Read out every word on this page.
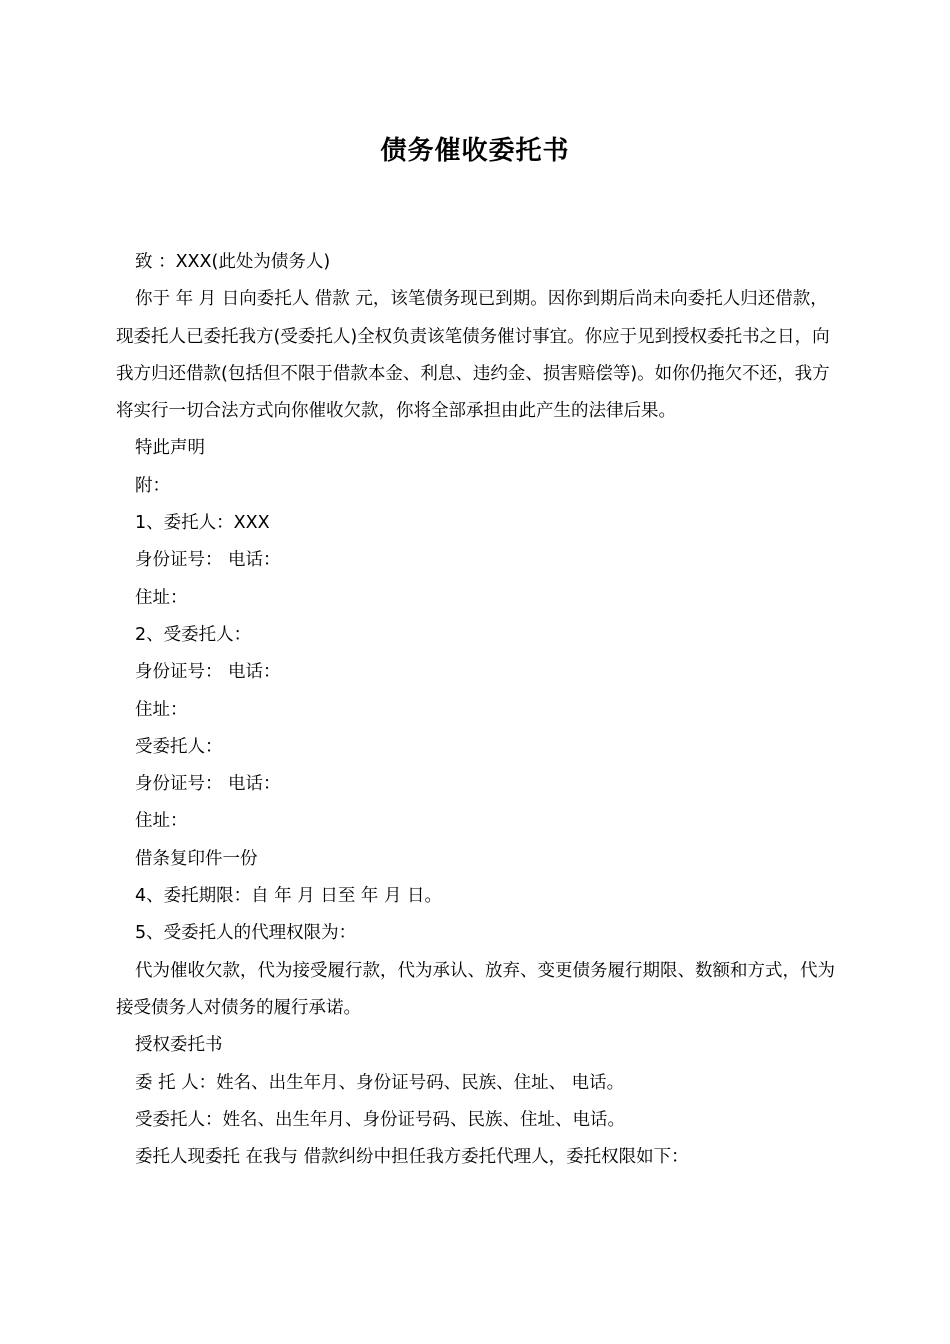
债务催收委托书

致 ：XXX(此处为债务人)

你于 年 月 日向委托人 借款 元，该笔债务现已到期。因你到期后尚未向委托人归还借款，现委托人已委托我方(受委托人)全权负责该笔债务催讨事宜。你应于见到授权委托书之日，向我方归还借款(包括但不限于借款本金、利息、违约金、损害赔偿等)。如你仍拖欠不还，我方将实行一切合法方式向你催收欠款，你将全部承担由此产生的法律后果。

特此声明

附：

1、委托人：XXX

身份证号： 电话：

住址：

2、受委托人：

身份证号： 电话：

住址：

受委托人：

身份证号： 电话：

住址：

借条复印件一份

4、委托期限：自 年 月 日至 年 月 日。

5、受委托人的代理权限为：

代为催收欠款，代为接受履行款，代为承认、放弃、变更债务履行期限、数额和方式，代为接受债务人对债务的履行承诺。

授权委托书

委 托 人：姓名、出生年月、身份证号码、民族、住址、 电话。

受委托人：姓名、出生年月、身份证号码、民族、住址、电话。

委托人现委托 在我与 借款纠纷中担任我方委托代理人，委托权限如下：
